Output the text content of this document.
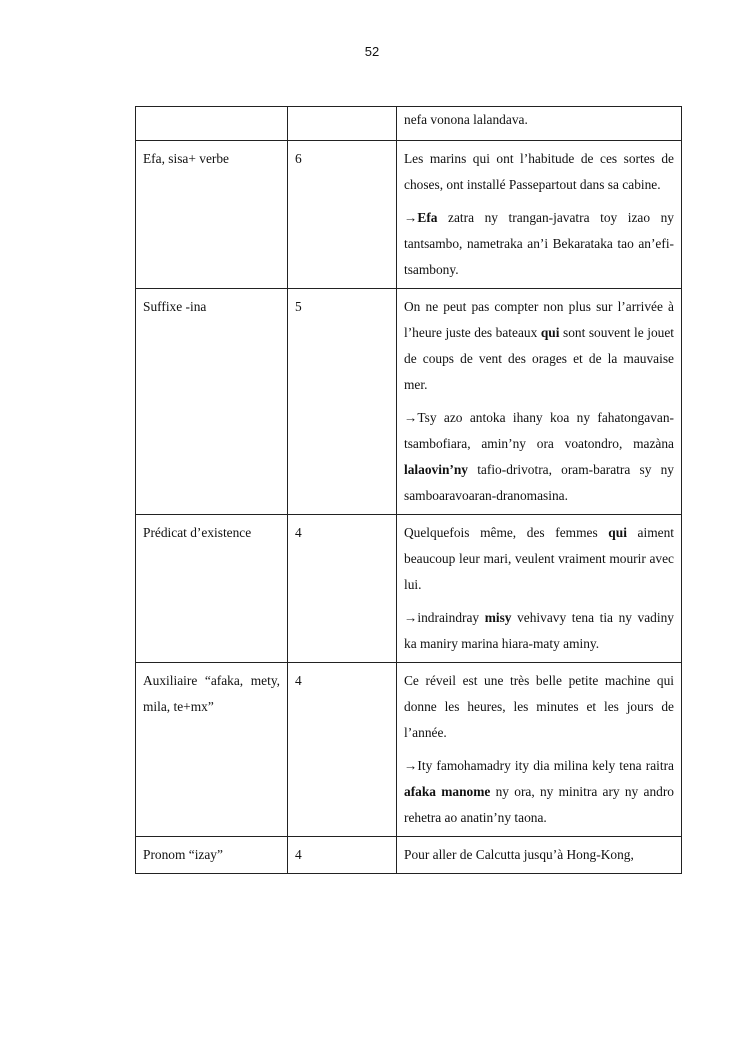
52

		nefa vonona lalandava.

Efa, sisa+ verbe	6	Les marins qui ont l’habitude de ces sortes de choses, ont installé Passepartout dans sa cabine.

→Efa zatra ny trangan-javatra toy izao ny tantsambo, nametraka an’i Bekarataka tao an’efi-tsambony.

Suffixe -ina	5	On ne peut pas compter non plus sur l’arrivée à l’heure juste des bateaux qui sont souvent le jouet de coups de vent des orages et de la mauvaise mer.

→Tsy azo antoka ihany koa ny fahatongavan-tsambofiara, amin’ny ora voatondro, mazàna lalaovin’ny tafio-drivotra, oram-baratra sy ny samboaravoaran-dranomasina.

Prédicat d’existence	4	Quelquefois même, des femmes qui aiment beaucoup leur mari, veulent vraiment mourir avec lui.

→indraindray misy vehivavy tena tia ny vadiny ka maniry marina hiara-maty aminy.

Auxiliaire “afaka, mety, mila, te+mx”	4	Ce réveil est une très belle petite machine qui donne les heures, les minutes et les jours de l’année.

→Ity famohamadry ity dia milina kely tena raitra afaka manome ny ora, ny minitra ary ny andro rehetra ao anatin’ny taona.

Pronom “izay”	4	Pour aller de Calcutta jusqu’à Hong-Kong,
